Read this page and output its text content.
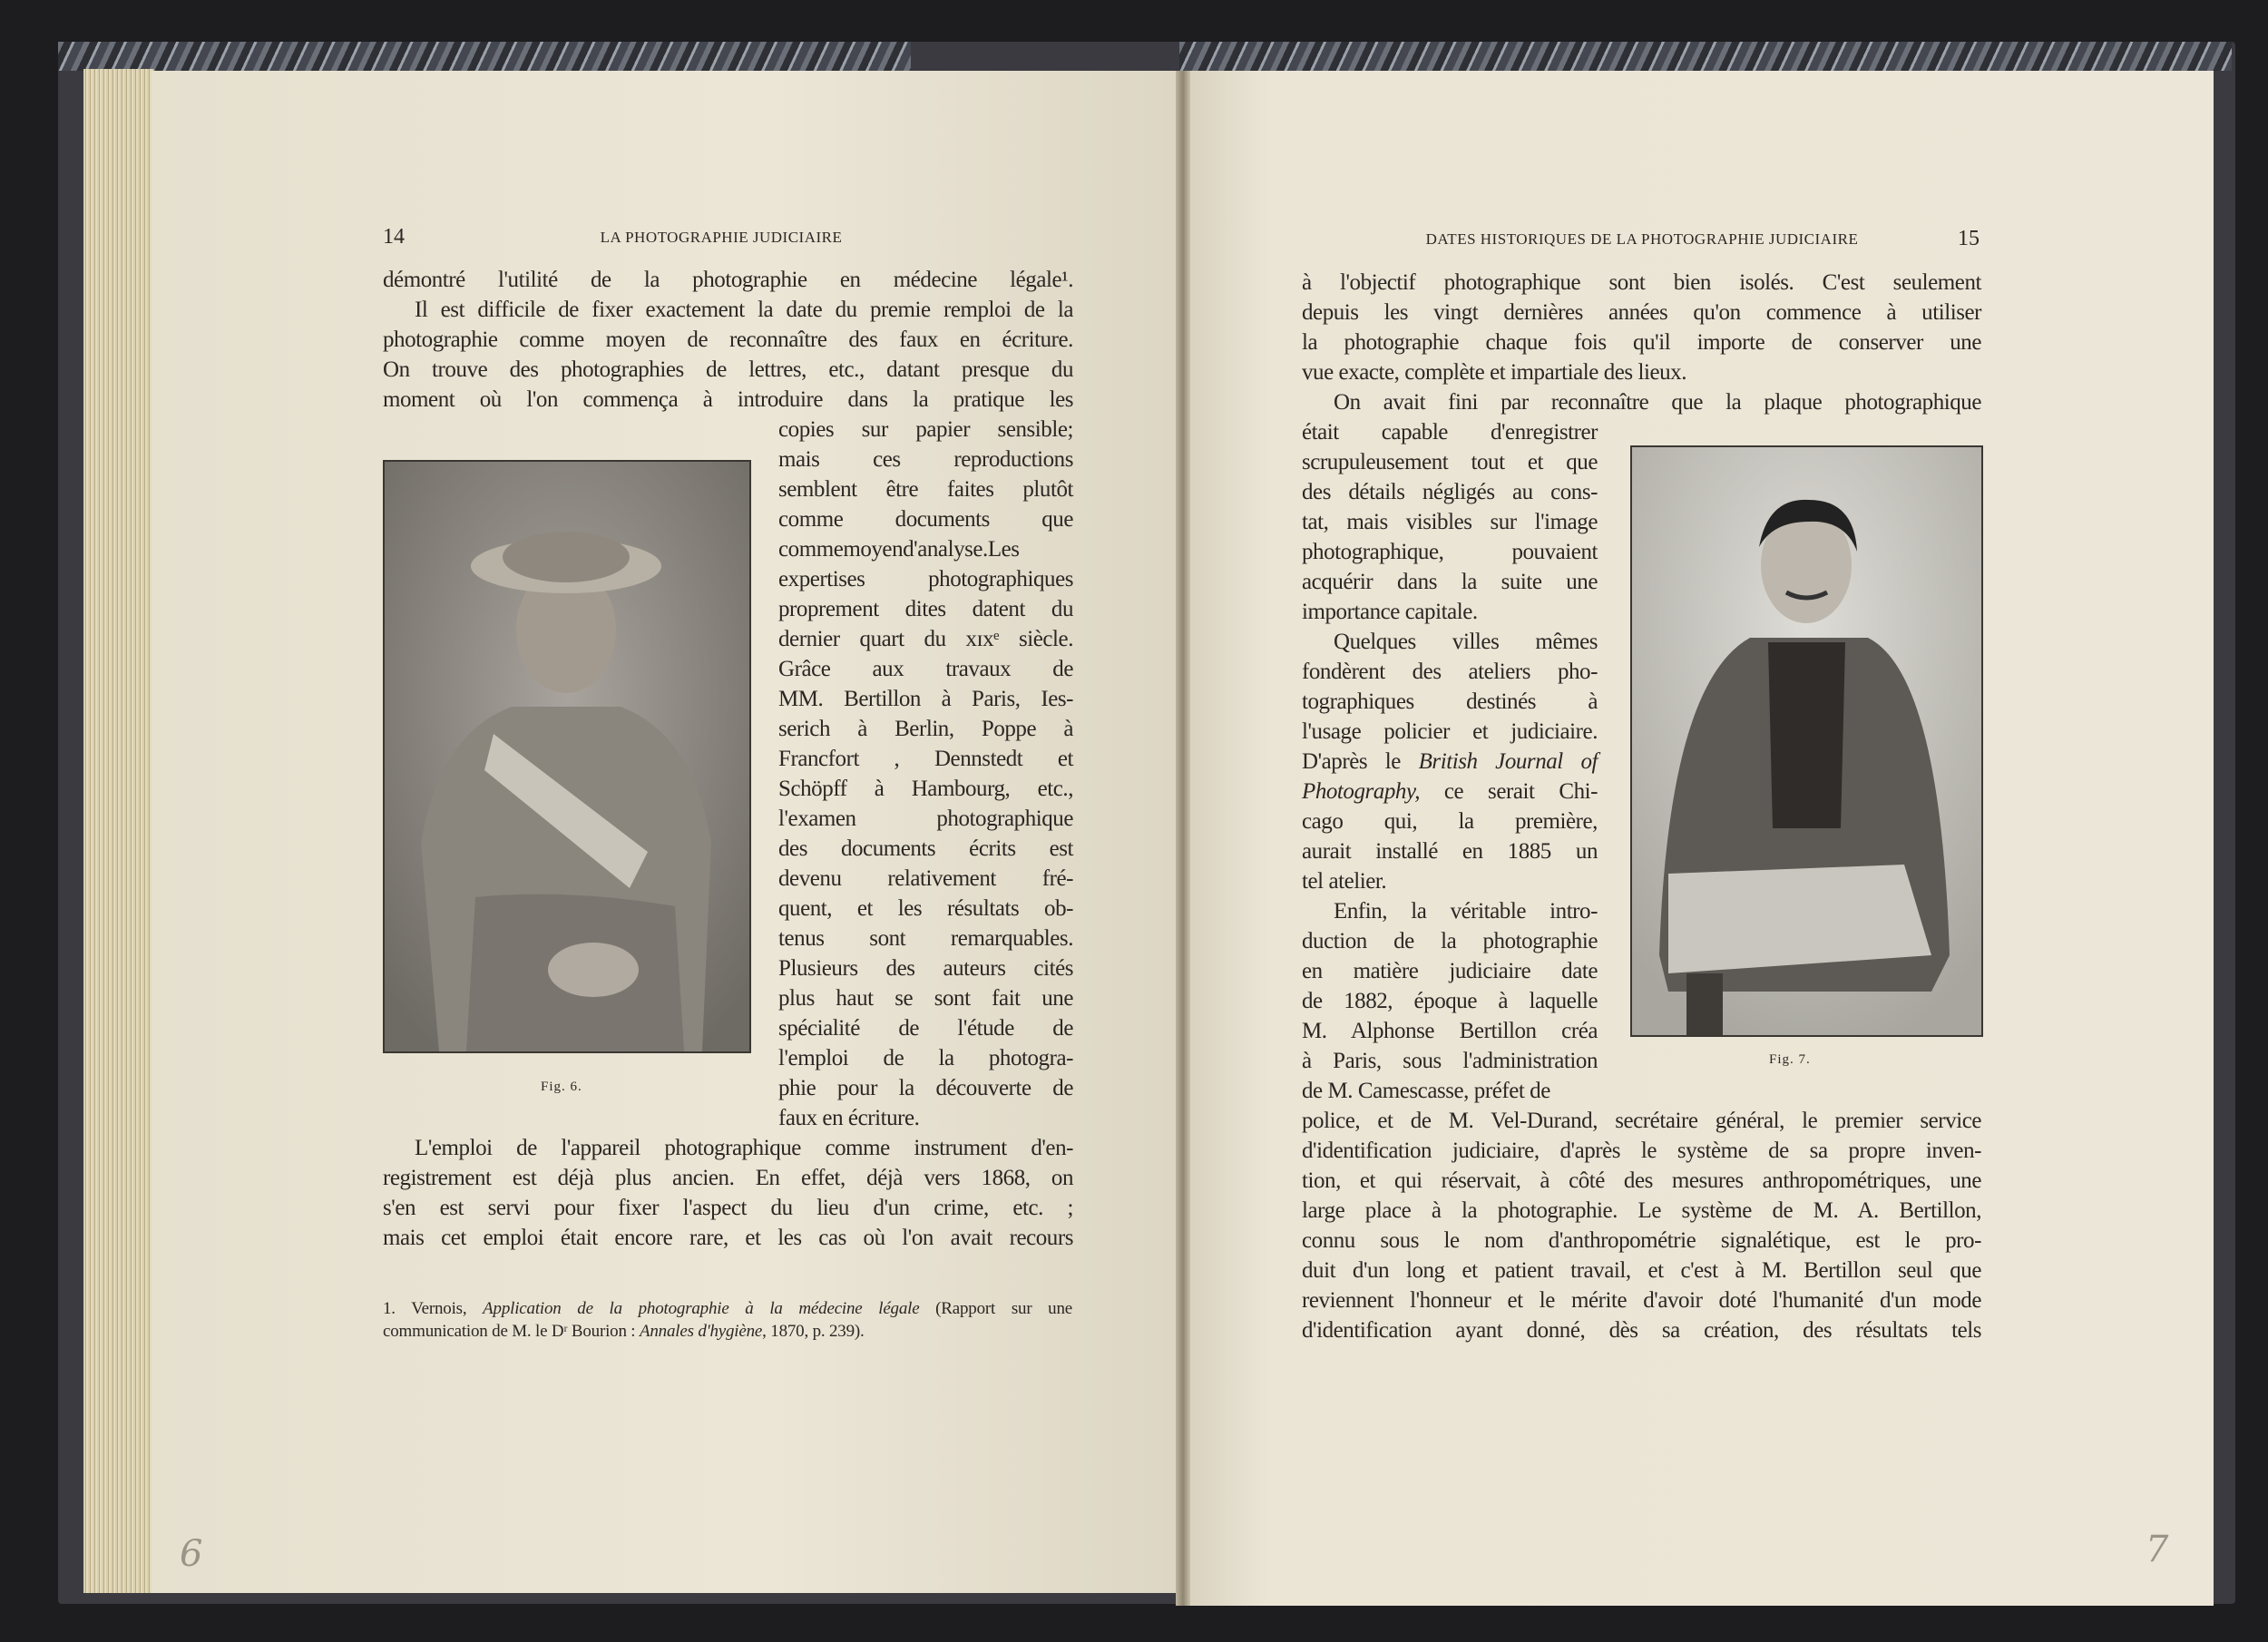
14	LA PHOTOGRAPHIE JUDICIAIRE
démontré l'utilité de la photographie en médecine légale¹.
Il est difficile de fixer exactement la date du premie remploi de la
photographie comme moyen de reconnaître des faux en écriture.
On trouve des photographies de lettres, etc., datant presque du
moment où l'on commença à introduire dans la pratique les
copies sur papier sensible;
mais ces reproductions
semblent être faites plutôt
comme documents que
commemoyend'analyse.Les
expertises photographiques
proprement dites datent du
dernier quart du xɪxᵉ siècle.
Grâce aux travaux de
MM. Bertillon à Paris, Ies-
serich à Berlin, Poppe à
Francfort , Dennstedt et
Schöpff à Hambourg, etc.,
l'examen photographique
des documents écrits est
devenu relativement fré-
quent, et les résultats ob-
tenus sont remarquables.
Plusieurs des auteurs cités
plus haut se sont fait une
spécialité de l'étude de
l'emploi de la photogra-
phie pour la découverte de
faux en écriture.
L'emploi de l'appareil photographique comme instrument d'en-
registrement est déjà plus ancien. En effet, déjà vers 1868, on
s'en est servi pour fixer l'aspect du lieu d'un crime, etc. ;
mais cet emploi était encore rare, et les cas où l'on avait recours
Fig. 6.
1. Vernois, Application de la photographie à la médecine légale (Rapport sur une
communication de M. le Dʳ Bourion : Annales d'hygiène, 1870, p. 239).
6
DATES HISTORIQUES DE LA PHOTOGRAPHIE JUDICIAIRE	15
à l'objectif photographique sont bien isolés. C'est seulement
depuis les vingt dernières années qu'on commence à utiliser
la photographie chaque fois qu'il importe de conserver une
vue exacte, complète et impartiale des lieux.
On avait fini par reconnaître que la plaque photographique
était capable d'enregistrer
scrupuleusement tout et que
des détails négligés au cons-
tat, mais visibles sur l'image
photographique, pouvaient
acquérir dans la suite une
importance capitale.
Quelques villes mêmes
fondèrent des ateliers pho-
tographiques destinés à
l'usage policier et judiciaire.
D'après le British Journal of
Photography, ce serait Chi-
cago qui, la première,
aurait installé en 1885 un
tel atelier.
Enfin, la véritable intro-
duction de la photographie
en matière judiciaire date
de 1882, époque à laquelle
M. Alphonse Bertillon créa
à Paris, sous l'administration
de M. Camescasse, préfet de
police, et de M. Vel-Durand, secrétaire général, le premier service
d'identification judiciaire, d'après le système de sa propre inven-
tion, et qui réservait, à côté des mesures anthropométriques, une
large place à la photographie. Le système de M. A. Bertillon,
connu sous le nom d'anthropométrie signalétique, est le pro-
duit d'un long et patient travail, et c'est à M. Bertillon seul que
reviennent l'honneur et le mérite d'avoir doté l'humanité d'un mode
d'identification ayant donné, dès sa création, des résultats tels
Fig. 7.
7
